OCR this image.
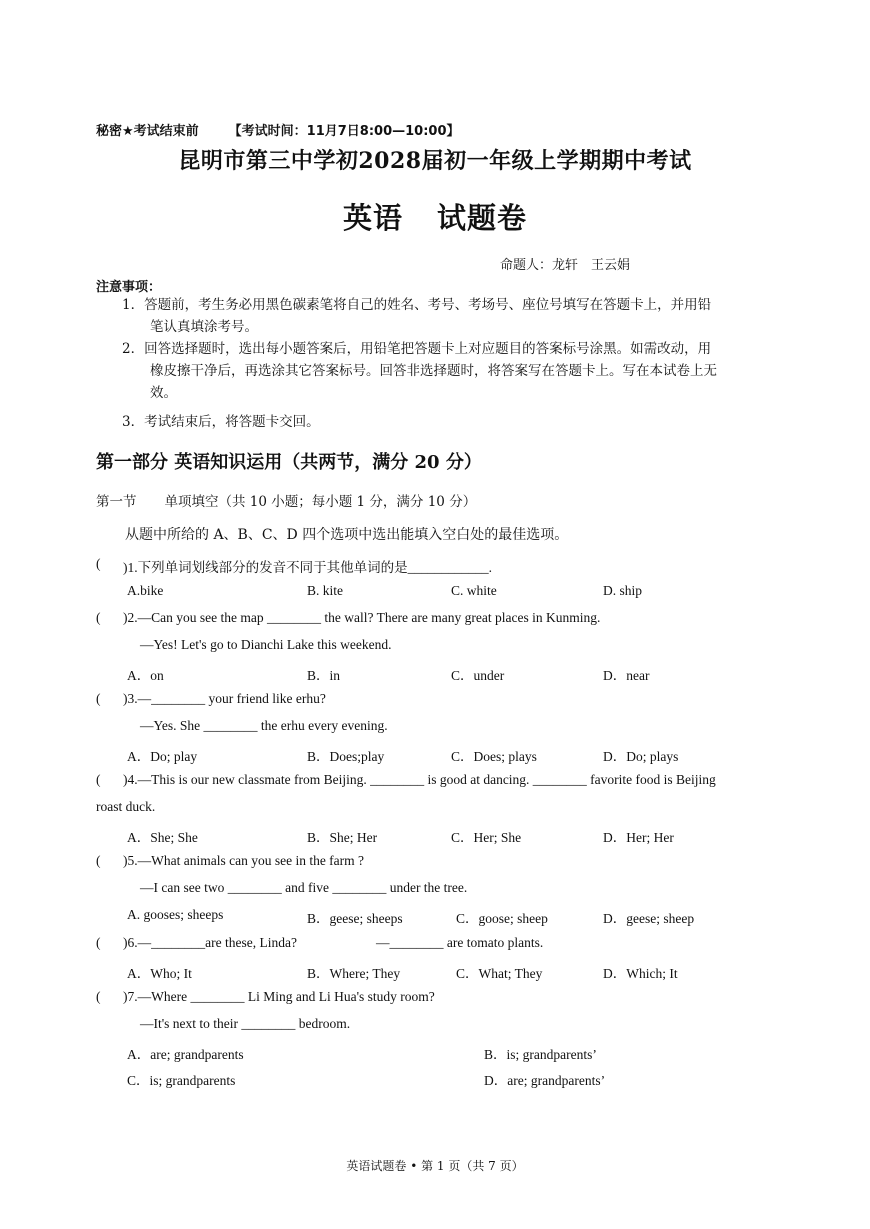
秘密★考试结束前 【考试时间：11月7日8:00—10:00】
昆明市第三中学初2028届初一年级上学期期中考试
英语 试题卷
命题人：龙轩　王云娟
注意事项：
1．答题前，考生务必用黑色碳素笔将自己的姓名、考号、考场号、座位号填写在答题卡上，并用铅
笔认真填涂考号。
2．回答选择题时，选出每小题答案后，用铅笔把答题卡上对应题目的答案标号涂黑。如需改动，用
橡皮擦干净后，再选涂其它答案标号。回答非选择题时，将答案写在答题卡上。写在本试卷上无
效。
3．考试结束后，将答题卡交回。
第一部分 英语知识运用（共两节，满分 20 分）
第一节 单项填空（共 10 小题；每小题 1 分，满分 10 分）
从题中所给的 A、B、C、D 四个选项中选出能填入空白处的最佳选项。
( )1.下列单词划线部分的发音不同于其他单词的是____________.
A.bike	B. kite	C. white	D. ship
( )2.—Can you see the map ________ the wall? There are many great places in Kunming.
—Yes! Let's go to Dianchi Lake this weekend.
A．on	B．in	C．under	D．near
( )3.—________ your friend like erhu?
—Yes. She ________ the erhu every evening.
A．Do; play	B．Does;play	C．Does; plays	D．Do; plays
( )4.—This is our new classmate from Beijing. ________ is good at dancing. ________ favorite food is Beijing
roast duck.
A．She; She	B．She; Her	C．Her; She	D．Her; Her
( )5.—What animals can you see in the farm ?
—I can see two ________ and five ________ under the tree.
A. gooses; sheeps	B．geese; sheeps	C．goose; sheep	D．geese; sheep
( )6.—________are these, Linda?	—________ are tomato plants.
A．Who; It	B．Where; They	C．What; They	D．Which; It
( )7.—Where ________ Li Ming and Li Hua's study room?
—It's next to their ________ bedroom.
A．are; grandparents	B．is; grandparents’
C．is; grandparents	D．are; grandparents’
英语试题卷 • 第 1 页（共 7 页）
